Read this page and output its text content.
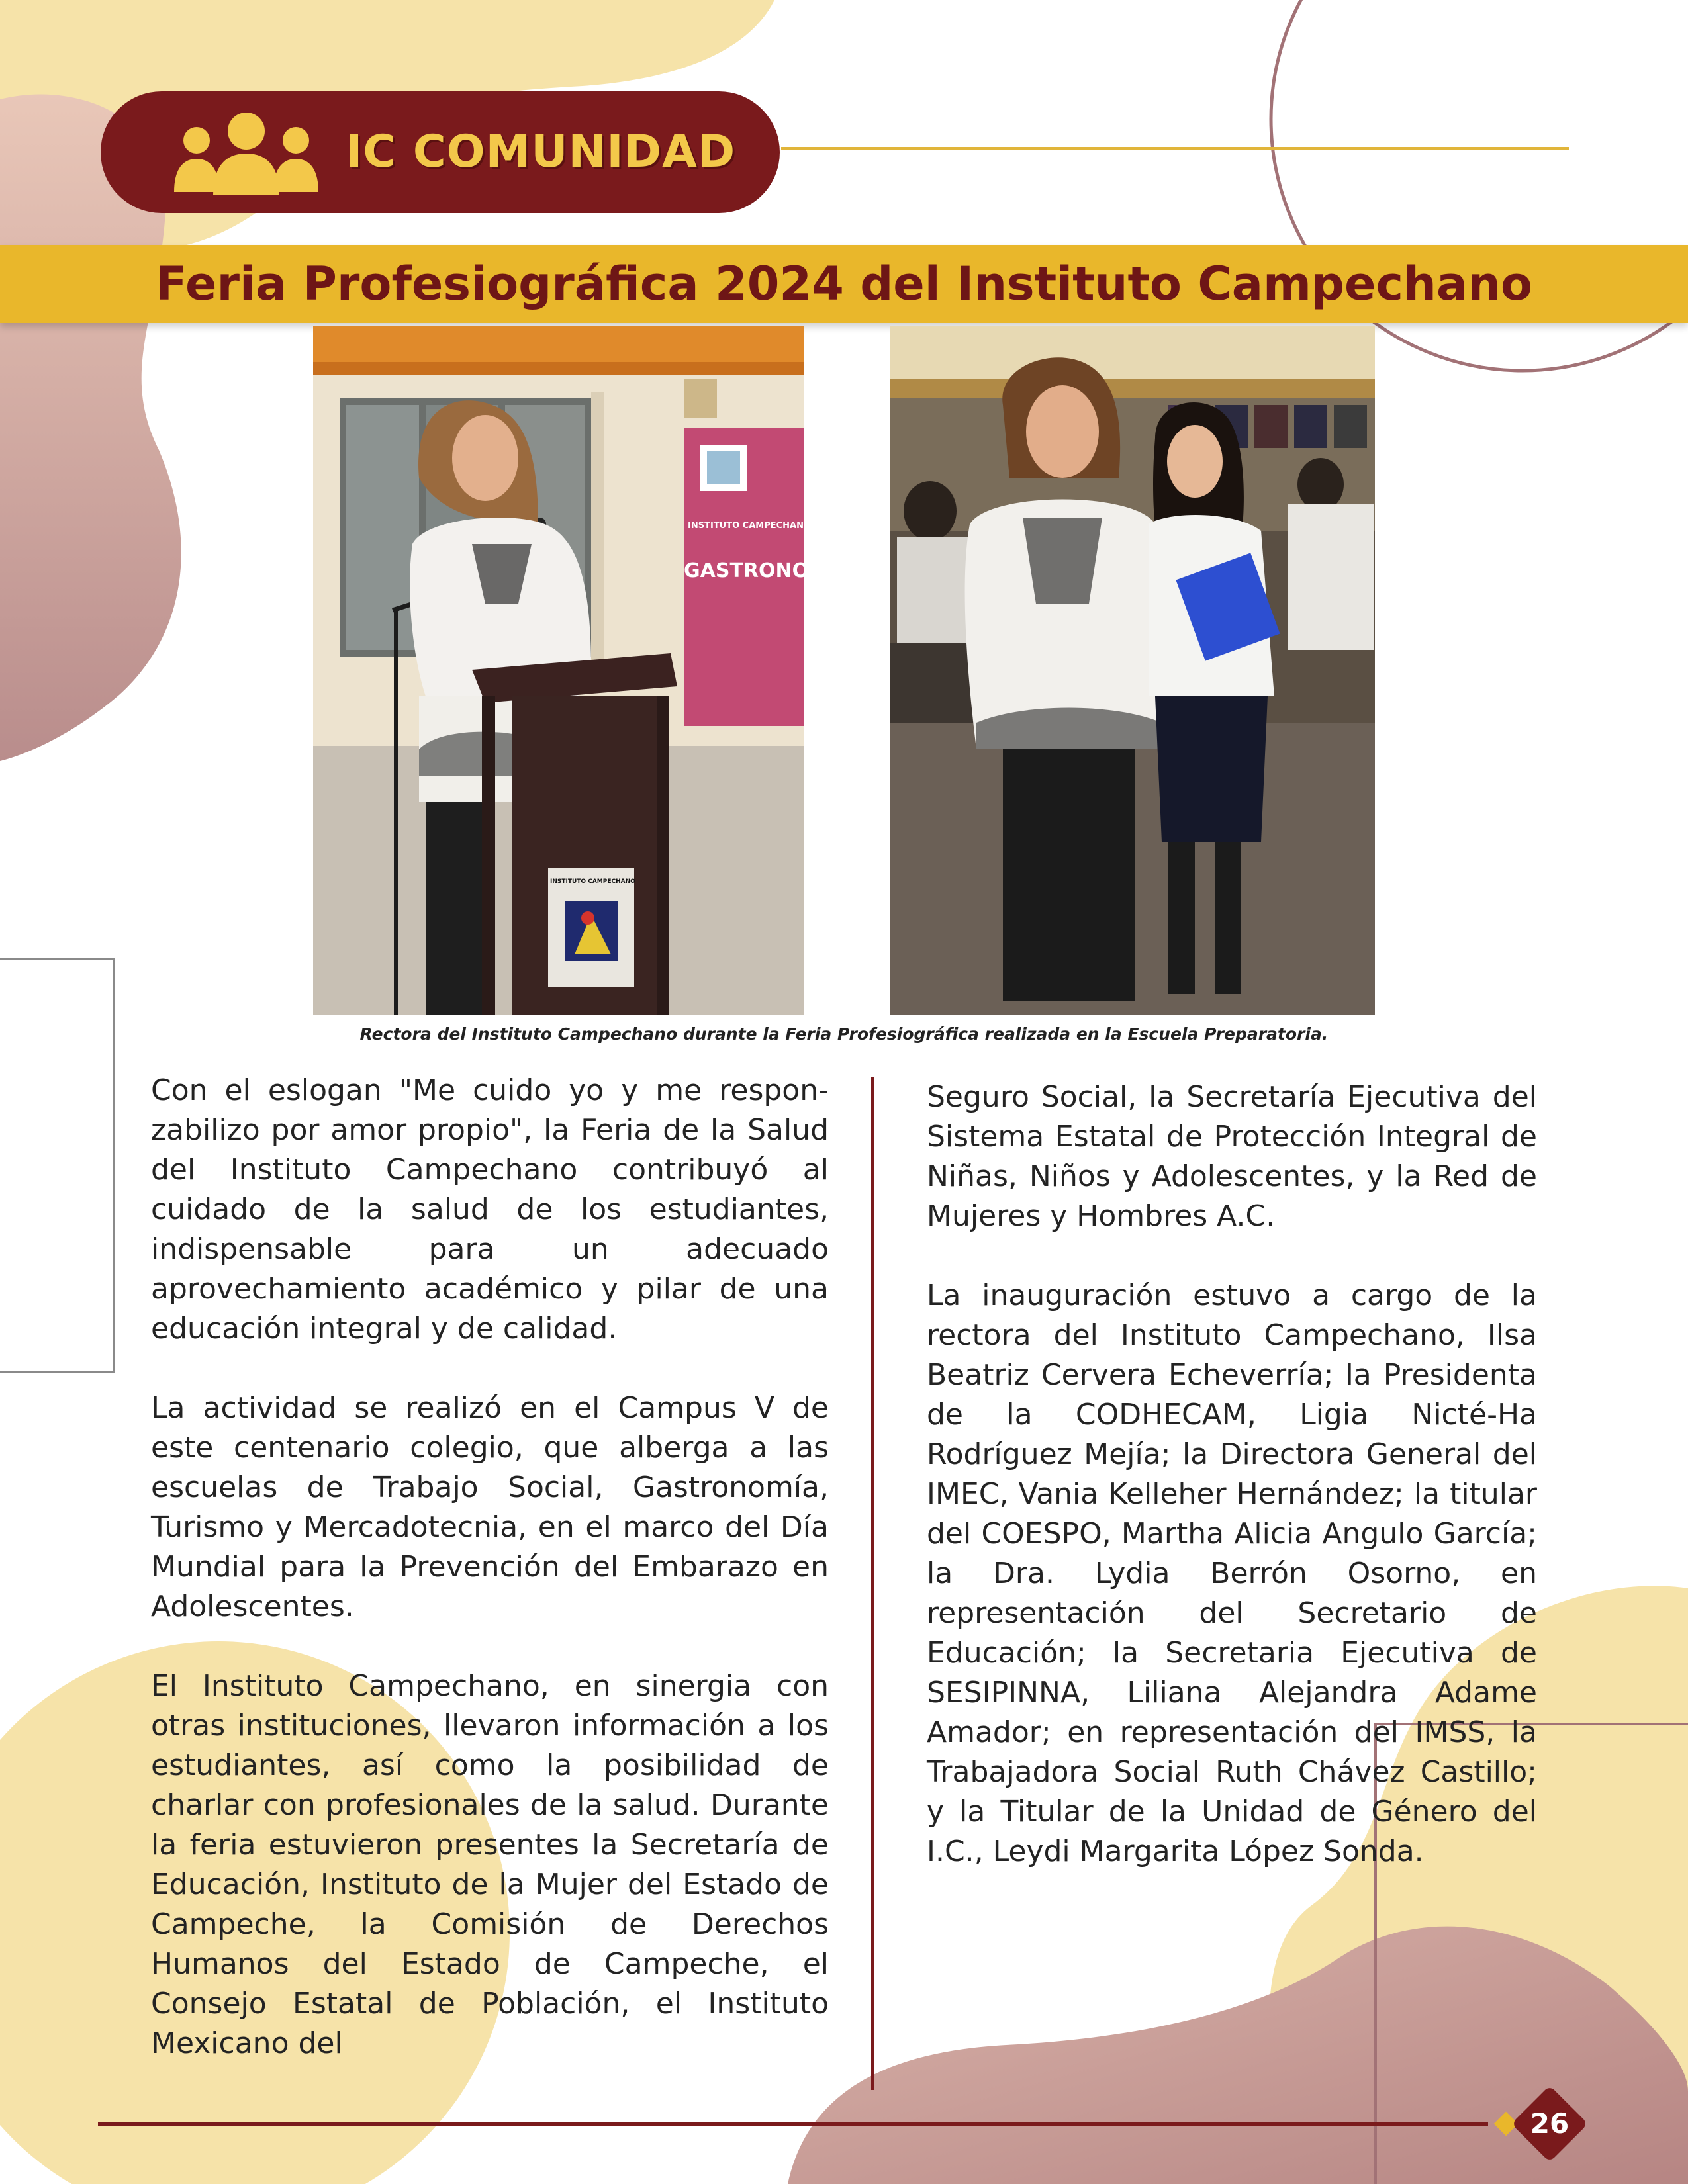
IC COMUNIDAD
Feria Profesiográfica 2024 del Instituto Campechano
INSTITUTO CAMPECHANO
GASTRONOMÍA
INSTITUTO CAMPECHANO
Rectora del Instituto Campechano durante la Feria Profesiográfica realizada en la Escuela Preparatoria.

Con el eslogan "Me cuido yo y me responzabilizo por amor propio", la Feria de la Salud del Instituto Campechano contribuyó al cuidado de la salud de los estudiantes, indispensable para un adecuado aprovechamiento académico y pilar de una educación integral y de calidad.

La actividad se realizó en el Campus V de este centenario colegio, que alberga a las escuelas de Trabajo Social, Gastronomía, Turismo y Mercadotecnia, en el marco del Día Mundial para la Prevención del Embarazo en Adolescentes.

El Instituto Campechano, en sinergia con otras instituciones, llevaron información a los estudiantes, así como la posibilidad de charlar con profesionales de la salud. Durante la feria estuvieron presentes la Secretaría de Educación, Instituto de la Mujer del Estado de Campeche, la Comisión de Derechos Humanos del Estado de Campeche, el Consejo Estatal de Población, el Instituto Mexicano del

Seguro Social, la Secretaría Ejecutiva del Sistema Estatal de Protección Integral de Niñas, Niños y Adolescentes, y la Red de Mujeres y Hombres A.C.

La inauguración estuvo a cargo de la rectora del Instituto Campechano, Ilsa Beatriz Cervera Echeverría; la Presidenta de la CODHECAM, Ligia Nicté-Ha Rodríguez Mejía; la Directora General del IMEC, Vania Kelleher Hernández; la titular del COESPO, Martha Alicia Angulo García; la Dra. Lydia Berrón Osorno, en representación del Secretario de Educación; la Secretaria Ejecutiva de SESIPINNA, Liliana Alejandra Adame Amador; en representación del IMSS, la Trabajadora Social Ruth Chávez Castillo; y la Titular de la Unidad de Género del I.C., Leydi Margarita López Sonda.

26
